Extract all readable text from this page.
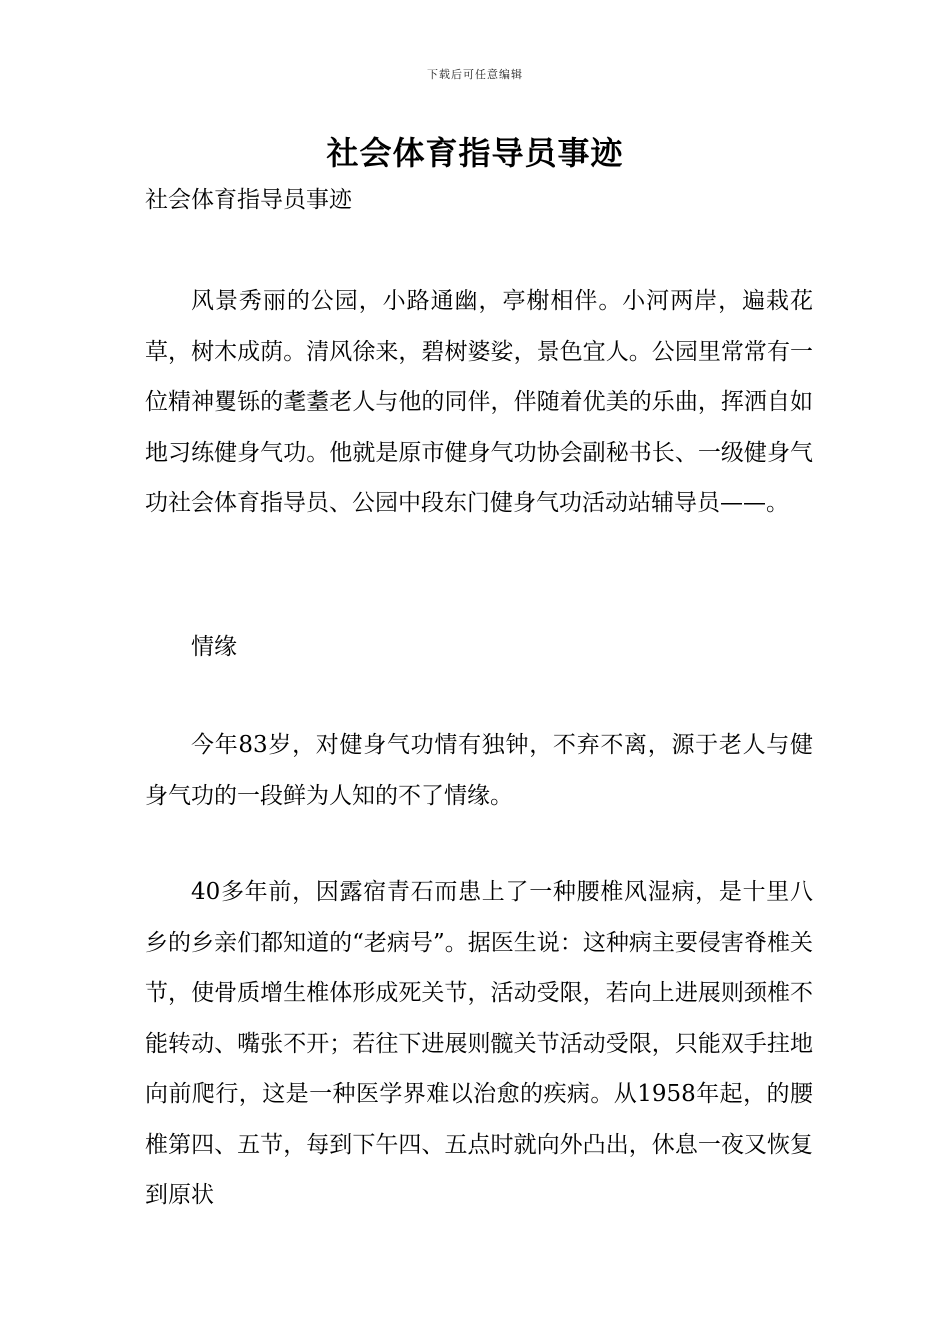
下载后可任意编辑
社会体育指导员事迹

社会体育指导员事迹

风景秀丽的公园，小路通幽，亭榭相伴。小河两岸，遍栽花草，树木成荫。清风徐来，碧树婆娑，景色宜人。公园里常常有一位精神矍铄的耄耋老人与他的同伴，伴随着优美的乐曲，挥洒自如地习练健身气功。他就是原市健身气功协会副秘书长、一级健身气功社会体育指导员、公园中段东门健身气功活动站辅导员——。

情缘

今年83岁，对健身气功情有独钟，不弃不离，源于老人与健身气功的一段鲜为人知的不了情缘。

40多年前，因露宿青石而患上了一种腰椎风湿病，是十里八乡的乡亲们都知道的“老病号”。据医生说：这种病主要侵害脊椎关节，使骨质增生椎体形成死关节，活动受限，若向上进展则颈椎不能转动、嘴张不开；若往下进展则髋关节活动受限，只能双手拄地向前爬行，这是一种医学界难以治愈的疾病。从1958年起，的腰椎第四、五节，每到下午四、五点时就向外凸出，休息一夜又恢复到原状
